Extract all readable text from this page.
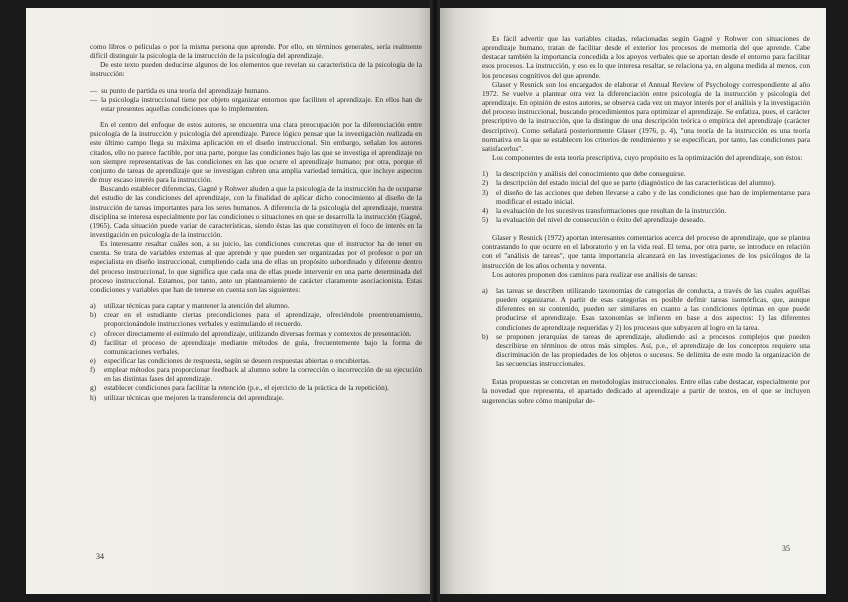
como libros o películas o por la misma persona que aprende. Por ello, en términos generales, sería realmente difícil distinguir la psicología de la instrucción de la psicología del aprendizaje.

De este texto pueden deducirse algunos de los elementos que revelan su característica de la psicología de la instrucción:

— su punto de partida es una teoría del aprendizaje humano.
— la psicología instruccional tiene por objeto organizar entornos que faciliten el aprendizaje. En ellos han de estar presentes aquellas condiciones que lo implementen.

En el centro del enfoque de estos autores, se encuentra una clara preocupación por la diferenciación entre psicología de la instrucción y psicología del aprendizaje. Parece lógico pensar que la investigación realizada en este último campo llega su máxima aplicación en el diseño instruccional. Sin embargo, señalan los autores citados, ello no parece factible, por una parte, porque las condiciones bajo las que se investiga el aprendizaje no son siempre representativas de las condiciones en las que ocurre el aprendizaje humano; por otra, porque el conjunto de tareas de aprendizaje que se investigan cubren una amplia variedad temática, que incluye aspectos de muy escaso interés para la instrucción.

Buscando establecer diferencias, Gagné y Rohwer aluden a que la psicología de la instrucción ha de ocuparse del estudio de las condiciones del aprendizaje, con la finalidad de aplicar dicho conocimiento al diseño de la instrucción de tareas importantes para los seres humanos. A diferencia de la psicología del aprendizaje, nuestra disciplina se interesa especialmente por las condiciones o situaciones en que se desarrolla la instrucción (Gagné, (1965). Cada situación puede variar de características, siendo éstas las que constituyen el foco de interés en la investigación en psicología de la instrucción.

Es interesante resaltar cuáles son, a su juicio, las condiciones concretas que el instructor ha de tener en cuenta. Se trata de variables externas al que aprende y que pueden ser organizadas por el profesor o por un especialista en diseño instruccional, cumpliendo cada una de ellas un propósito subordinado y diferente dentro del proceso instruccional, lo que significa que cada una de ellas puede intervenir en una parte determinada del proceso instruccional. Estamos, por tanto, ante un planteamiento de carácter claramente asociacionista. Estas condiciones y variables que han de tenerse en cuenta son las siguientes:

a) utilizar técnicas para captar y mantener la atención del alumno.
b) crear en el estudiante ciertas precondiciones para el aprendizaje, ofreciéndole preentrenamiento, proporcionándole instrucciones verbales y estimulando el recuerdo.
c) ofrecer directamente el estímulo del aprendizaje, utilizando diversas formas y contextos de presentación.
d) facilitar el proceso de aprendizaje mediante métodos de guía, frecuentemente bajo la forma de comunicaciones verbales.
e) especificar las condiciones de respuesta, según se deseen respuestas abiertas o encubiertas.
f) emplear métodos para proporcionar feedback al alumno sobre la corrección o incorrección de su ejecución en las distintas fases del aprendizaje.
g) establecer condiciones para facilitar la retención (p.e., el ejercicio de la práctica de la repetición).
h) utilizar técnicas que mejoren la transferencia del aprendizaje.
34

Es fácil advertir que las variables citadas, relacionadas según Gagné y Rohwer con situaciones de aprendizaje humano, tratan de facilitar desde el exterior los procesos de memoria del que aprende. Cabe destacar también la importancia concedida a los apoyos verbales que se aportan desde el entorno para facilitar esos procesos. La instrucción, y eso es lo que interesa resaltar, se relaciona ya, en alguna medida al menos, con los procesos cognitivos del que aprende.

Glaser y Resnick son los encargados de elaborar el Annual Review of Psychology correspondiente al año 1972. Se vuelve a plantear otra vez la diferenciación entre psicología de la instrucción y psicología del aprendizaje. En opinión de estos autores, se observa cada vez un mayor interés por el análisis y la investigación del proceso instruccional, buscando procedimientos para optimizar el aprendizaje. Se enfatiza, pues, el carácter prescriptivo de la instrucción, que la distingue de una descripción teórica o empírica del aprendizaje (carácter descriptivo). Como señalará posteriormente Glaser (1976, p. 4), "una teoría de la instrucción es una teoría normativa en la que se establecen los criterios de rendimiento y se especifican, por tanto, las condiciones para satisfacerlos".

Los componentes de esta teoría prescriptiva, cuyo propósito es la optimización del aprendizaje, son éstos:

1) la descripción y análisis del conocimiento que debe conseguirse.
2) la descripción del estado inicial del que se parte (diagnóstico de las características del alumno).
3) el diseño de las acciones que deben llevarse a cabo y de las condiciones que han de implementarse para modificar el estado inicial.
4) la evaluación de los sucesivos transformaciones que resultan de la instrucción.
5) la evaluación del nivel de consecución o éxito del aprendizaje deseado.

Glaser y Resnick (1972) aportan interesantes comentarios acerca del proceso de aprendizaje, que se plantea contrastando lo que ocurre en el laboratorio y en la vida real. El tema, por otra parte, se introduce en relación con el "análisis de tareas", que tanta importancia alcanzará en las investigaciones de los psicólogos de la instrucción de los años ochenta y noventa.

Los autores proponen dos caminos para realizar ese análisis de tareas:

a) las tareas se describen utilizando taxonomías de categorías de conducta, a través de las cuales aquéllas pueden organizarse. A partir de esas categorías es posible definir tareas isomórficas, que, aunque diferentes en su contenido, pueden ser similares en cuanto a las condiciones óptimas en que puede producirse el aprendizaje. Esas taxonomías se infieren en base a dos aspectos: 1) las diferentes condiciones de aprendizaje requeridas y 2) los procesos que subyacen al logro en la tarea.
b) se proponen jerarquías de tareas de aprendizaje, aludiendo así a procesos complejos que pueden describirse en términos de otros más simples. Así, p.e., el aprendizaje de los conceptos requiere una discriminación de las propiedades de los objetos o sucesos. Se delimita de este modo la organización de las secuencias instruccionales.

Estas propuestas se concretan en metodologías instruccionales. Entre ellas cabe destacar, especialmente por la novedad que representa, el apartado dedicado al aprendizaje a partir de textos, en el que se incluyen sugerencias sobre cómo manipular de-

35
